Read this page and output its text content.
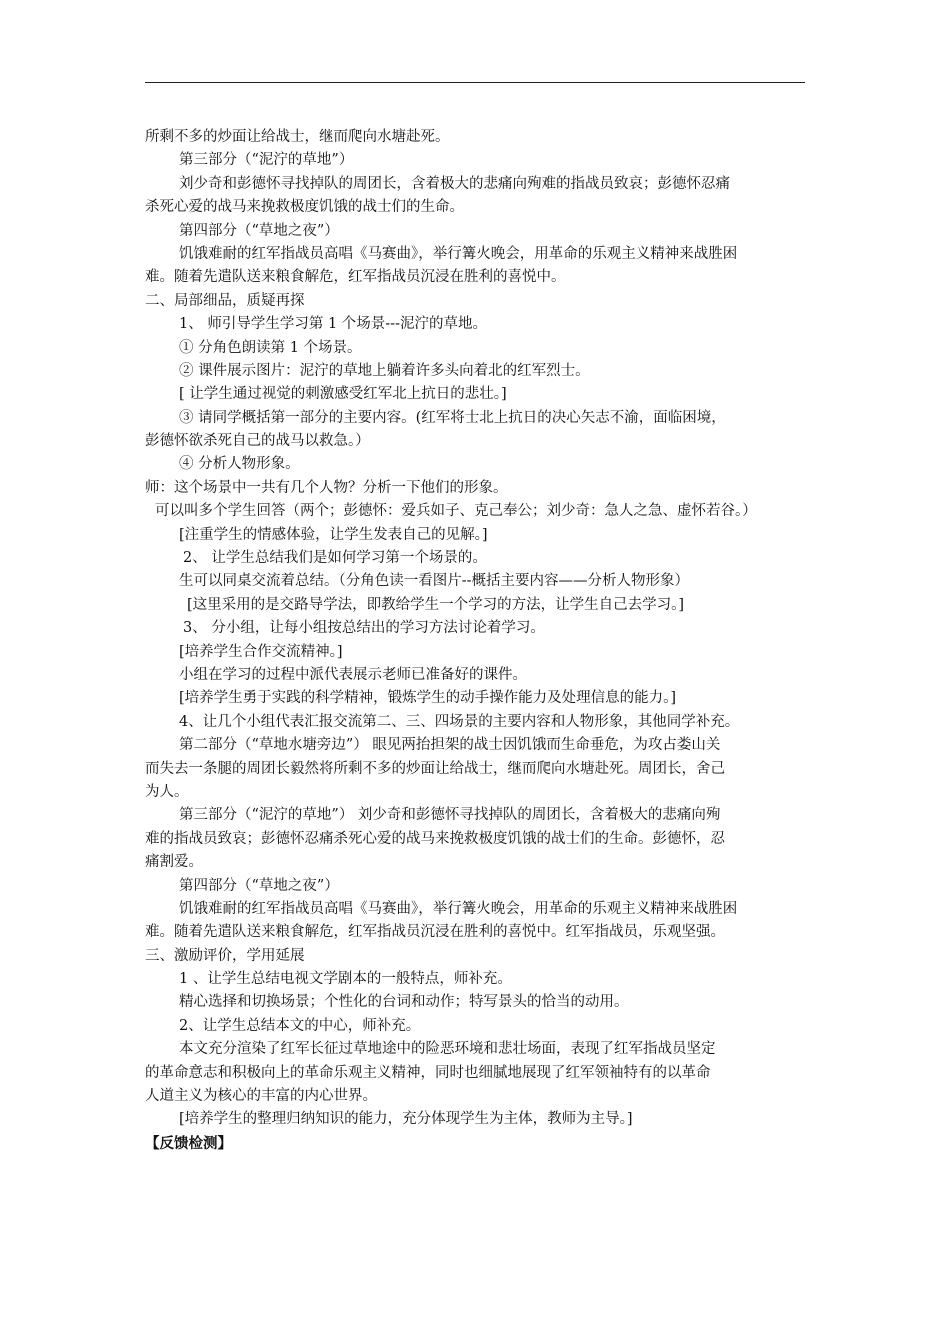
所剩不多的炒面让给战士，继而爬向水塘赴死。
第三部分（“泥泞的草地”）
刘少奇和彭德怀寻找掉队的周团长，含着极大的悲痛向殉难的指战员致哀；彭德怀忍痛
杀死心爱的战马来挽救极度饥饿的战士们的生命。
第四部分（“草地之夜”）
饥饿难耐的红军指战员高唱《马赛曲》，举行篝火晚会，用革命的乐观主义精神来战胜困
难。随着先遣队送来粮食解危，红军指战员沉浸在胜利的喜悦中。
二、局部细品，质疑再探
1、 师引导学生学习第 1 个场景---泥泞的草地。
① 分角色朗读第 1 个场景。
② 课件展示图片：泥泞的草地上躺着许多头向着北的红军烈士。
[ 让学生通过视觉的刺激感受红军北上抗日的悲壮。]
③ 请同学概括第一部分的主要内容。(红军将士北上抗日的决心矢志不渝，面临困境，
彭德怀欲杀死自己的战马以救急。）
④ 分析人物形象。
师：这个场景中一共有几个人物？分析一下他们的形象。
可以叫多个学生回答（两个；彭德怀：爱兵如子、克己奉公；刘少奇：急人之急、虚怀若谷。）
[注重学生的情感体验，让学生发表自己的见解。]
2、 让学生总结我们是如何学习第一个场景的。
生可以同桌交流着总结。（分角色读一看图片--概括主要内容——分析人物形象）
[这里采用的是交路导学法，即教给学生一个学习的方法，让学生自己去学习。]
3、 分小组，让每小组按总结出的学习方法讨论着学习。
[培养学生合作交流精神。]
小组在学习的过程中派代表展示老师已准备好的课件。
[培养学生勇于实践的科学精神，锻炼学生的动手操作能力及处理信息的能力。]
4、让几个小组代表汇报交流第二、三、四场景的主要内容和人物形象，其他同学补充。
第二部分（“草地水塘旁边”） 眼见两抬担架的战士因饥饿而生命垂危，为攻占娄山关
而失去一条腿的周团长毅然将所剩不多的炒面让给战士，继而爬向水塘赴死。周团长，舍己
为人。
第三部分（“泥泞的草地”） 刘少奇和彭德怀寻找掉队的周团长，含着极大的悲痛向殉
难的指战员致哀；彭德怀忍痛杀死心爱的战马来挽救极度饥饿的战士们的生命。彭德怀，忍
痛割爱。
第四部分（“草地之夜”）
饥饿难耐的红军指战员高唱《马赛曲》，举行篝火晚会，用革命的乐观主义精神来战胜困
难。随着先遣队送来粮食解危，红军指战员沉浸在胜利的喜悦中。红军指战员，乐观坚强。
三、激励评价，学用延展
1 、让学生总结电视文学剧本的一般特点，师补充。
精心选择和切换场景；个性化的台词和动作；特写景头的恰当的动用。
2、让学生总结本文的中心，师补充。
本文充分渲染了红军长征过草地途中的险恶环境和悲壮场面，表现了红军指战员坚定
的革命意志和积极向上的革命乐观主义精神，同时也细腻地展现了红军领袖特有的以革命
人道主义为核心的丰富的内心世界。
[培养学生的整理归纳知识的能力，充分体现学生为主体，教师为主导。]
【反馈检测】
